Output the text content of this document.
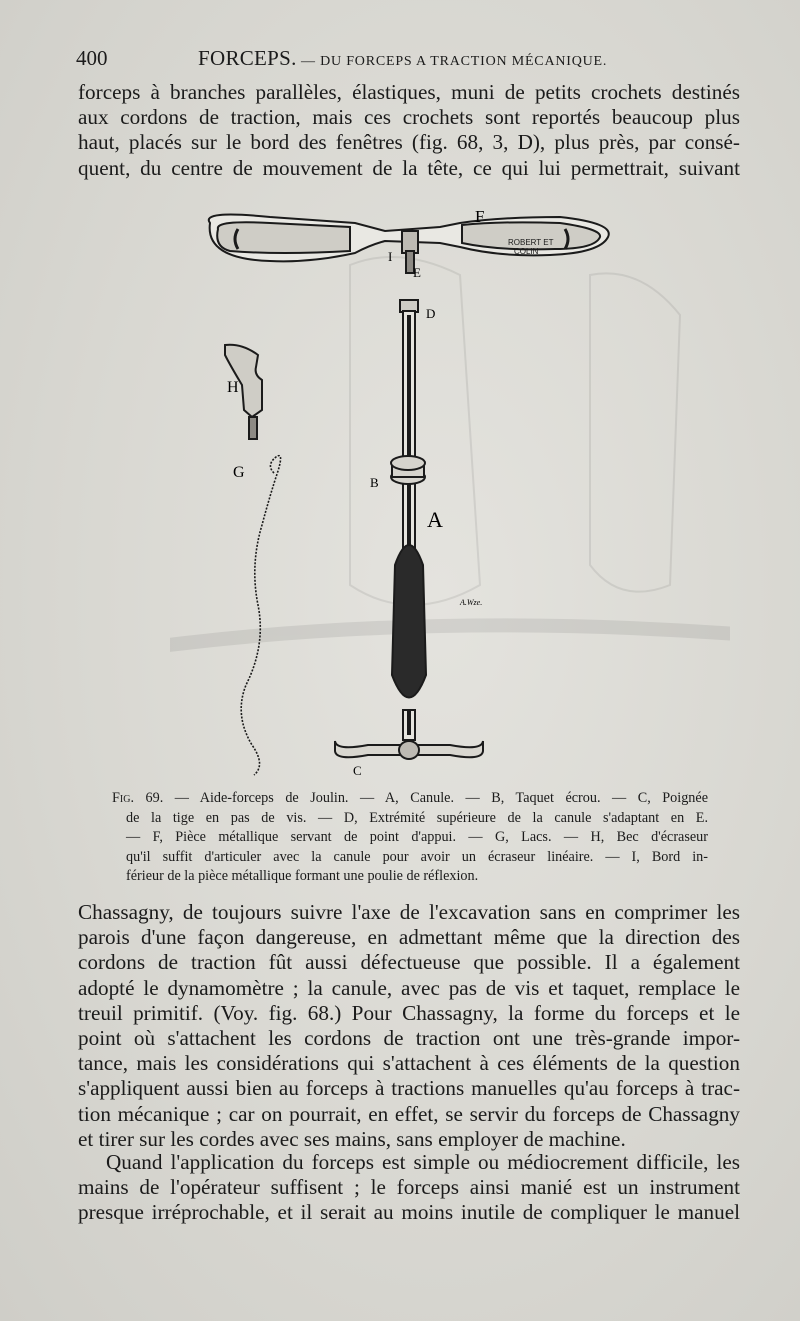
400	FORCEPS. — DU FORCEPS A TRACTION MÉCANIQUE.

forceps à branches parallèles, élastiques, muni de petits crochets destinés
aux cordons de traction, mais ces crochets sont reportés beaucoup plus
haut, placés sur le bord des fenêtres (fig. 68, 3, D), plus près, par consé-
quent, du centre de mouvement de la tête, ce qui lui permettrait, suivant

ROBERT ET
COLIN
F
I
E
B
A
D
C
H
G
A.Wze.
Fig. 69. — Aide-forceps de Joulin. — A, Canule. — B, Taquet écrou. — C, Poignée
de la tige en pas de vis. — D, Extrémité supérieure de la canule s'adaptant en E.
— F, Pièce métallique servant de point d'appui. — G, Lacs. — H, Bec d'écraseur
qu'il suffit d'articuler avec la canule pour avoir un écraseur linéaire. — I, Bord in-
férieur de la pièce métallique formant une poulie de réflexion.

Chassagny, de toujours suivre l'axe de l'excavation sans en comprimer les
parois d'une façon dangereuse, en admettant même que la direction des
cordons de traction fût aussi défectueuse que possible. Il a également
adopté le dynamomètre ; la canule, avec pas de vis et taquet, remplace le
treuil primitif. (Voy. fig. 68.) Pour Chassagny, la forme du forceps et le
point où s'attachent les cordons de traction ont une très-grande impor-
tance, mais les considérations qui s'attachent à ces éléments de la question
s'appliquent aussi bien au forceps à tractions manuelles qu'au forceps à trac-
tion mécanique ; car on pourrait, en effet, se servir du forceps de Chassagny
et tirer sur les cordes avec ses mains, sans employer de machine.

Quand l'application du forceps est simple ou médiocrement difficile, les
mains de l'opérateur suffisent ; le forceps ainsi manié est un instrument
presque irréprochable, et il serait au moins inutile de compliquer le manuel
